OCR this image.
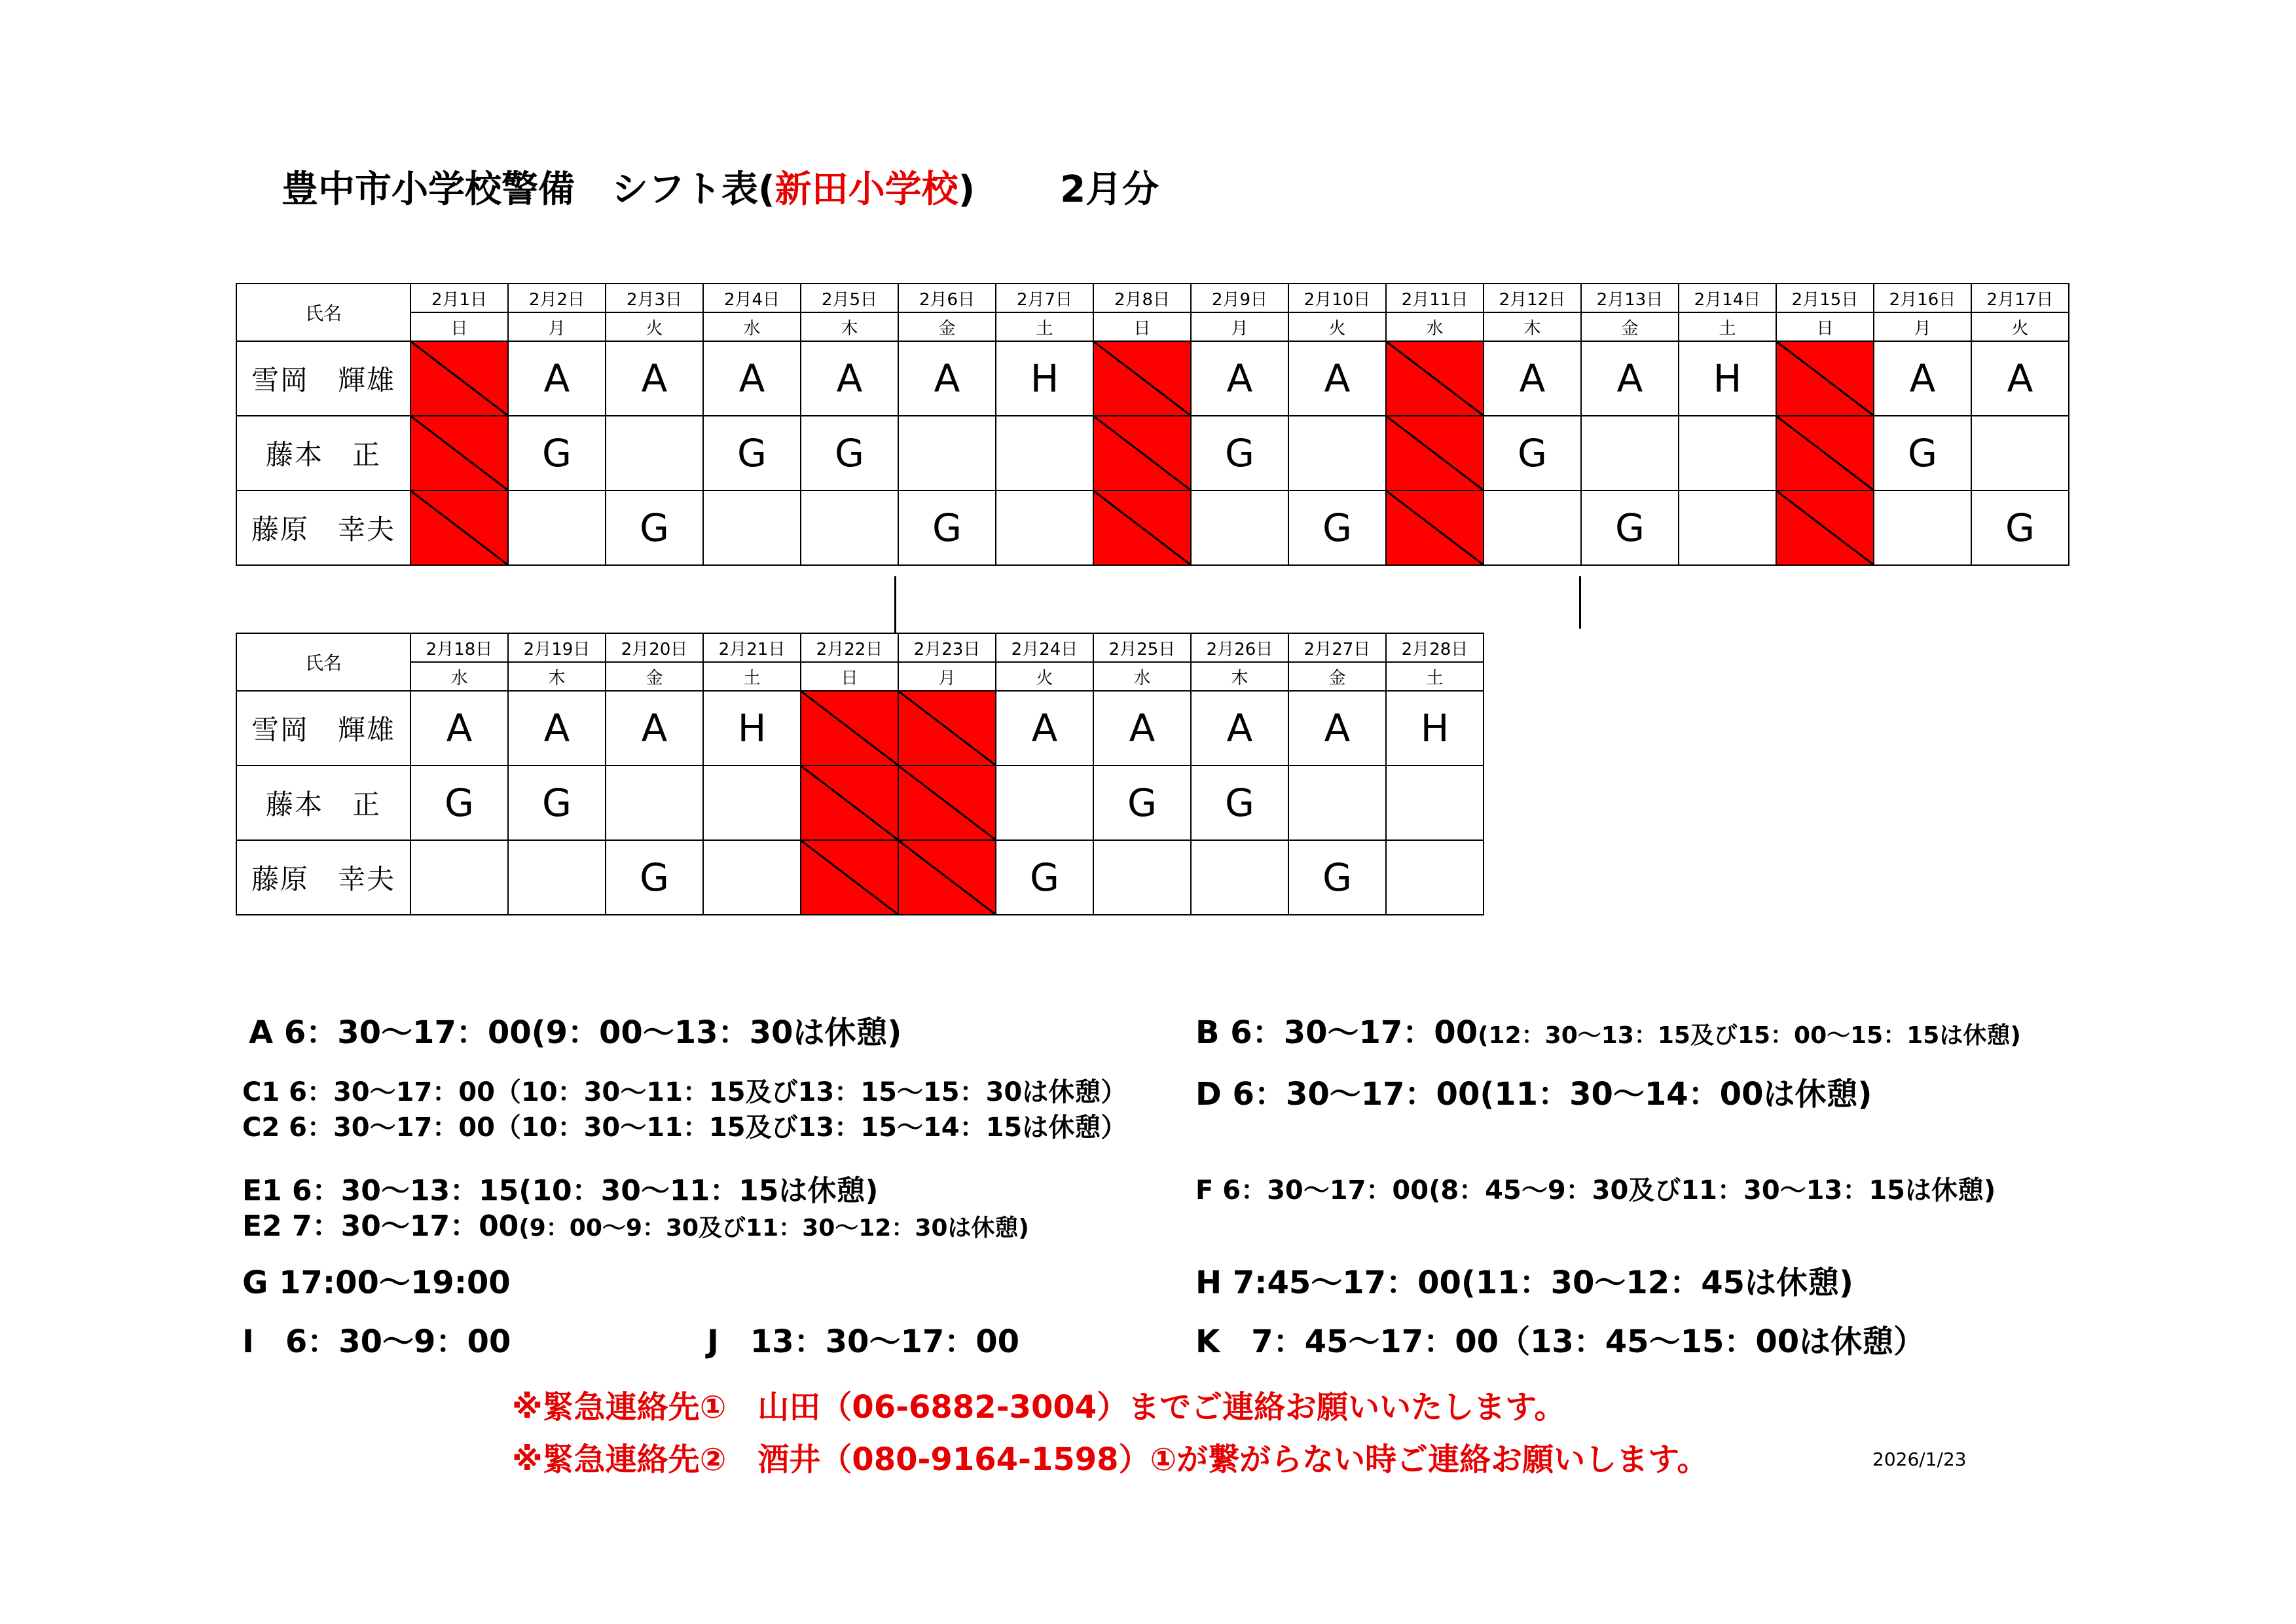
豊中市小学校警備　シフト表(新田小学校) 2月分
氏名	2月1日	2月2日	2月3日	2月4日	2月5日	2月6日	2月7日	2月8日	2月9日	2月10日	2月11日	2月12日	2月13日	2月14日	2月15日	2月16日	2月17日
	日	月	火	水	木	金	土	日	月	火	水	木	金	土	日	月	火
雪岡　輝雄		A	A	A	A	A	H		A	A		A	A	H		A	A
藤本　正		G		G	G				G			G				G	
藤原　幸夫			G			G				G			G				G
氏名	2月18日	2月19日	2月20日	2月21日	2月22日	2月23日	2月24日	2月25日	2月26日	2月27日	2月28日
	水	木	金	土	日	月	火	水	木	金	土
雪岡　輝雄	A	A	A	H			A	A	A	A	H
藤本　正	G	G						G	G		
藤原　幸夫			G				G			G	
A 6：30～17：00(9：00～13：30は休憩)	B 6：30～17：00(12：30～13：15及び15：00～15：15は休憩)
C1 6：30～17：00（10：30～11：15及び13：15～15：30は休憩）
C2 6：30～17：00（10：30～11：15及び13：15～14：15は休憩）
D 6：30～17：00(11：30～14：00は休憩)
E1 6：30～13：15(10：30～11：15は休憩)
E2 7：30～17：00(9：00～9：30及び11：30～12：30は休憩)
F 6：30～17：00(8：45～9：30及び11：30～13：15は休憩)
G 17:00～19:00	H 7:45～17：00(11：30～12：45は休憩)
I　6：30～9：00	J　13：30～17：00	K　7：45～17：00（13：45～15：00は休憩）
※緊急連絡先①　山田（06-6882-3004）までご連絡お願いいたします。
※緊急連絡先②　酒井（080-9164-1598）①が繋がらない時ご連絡お願いします。	2026/1/23
